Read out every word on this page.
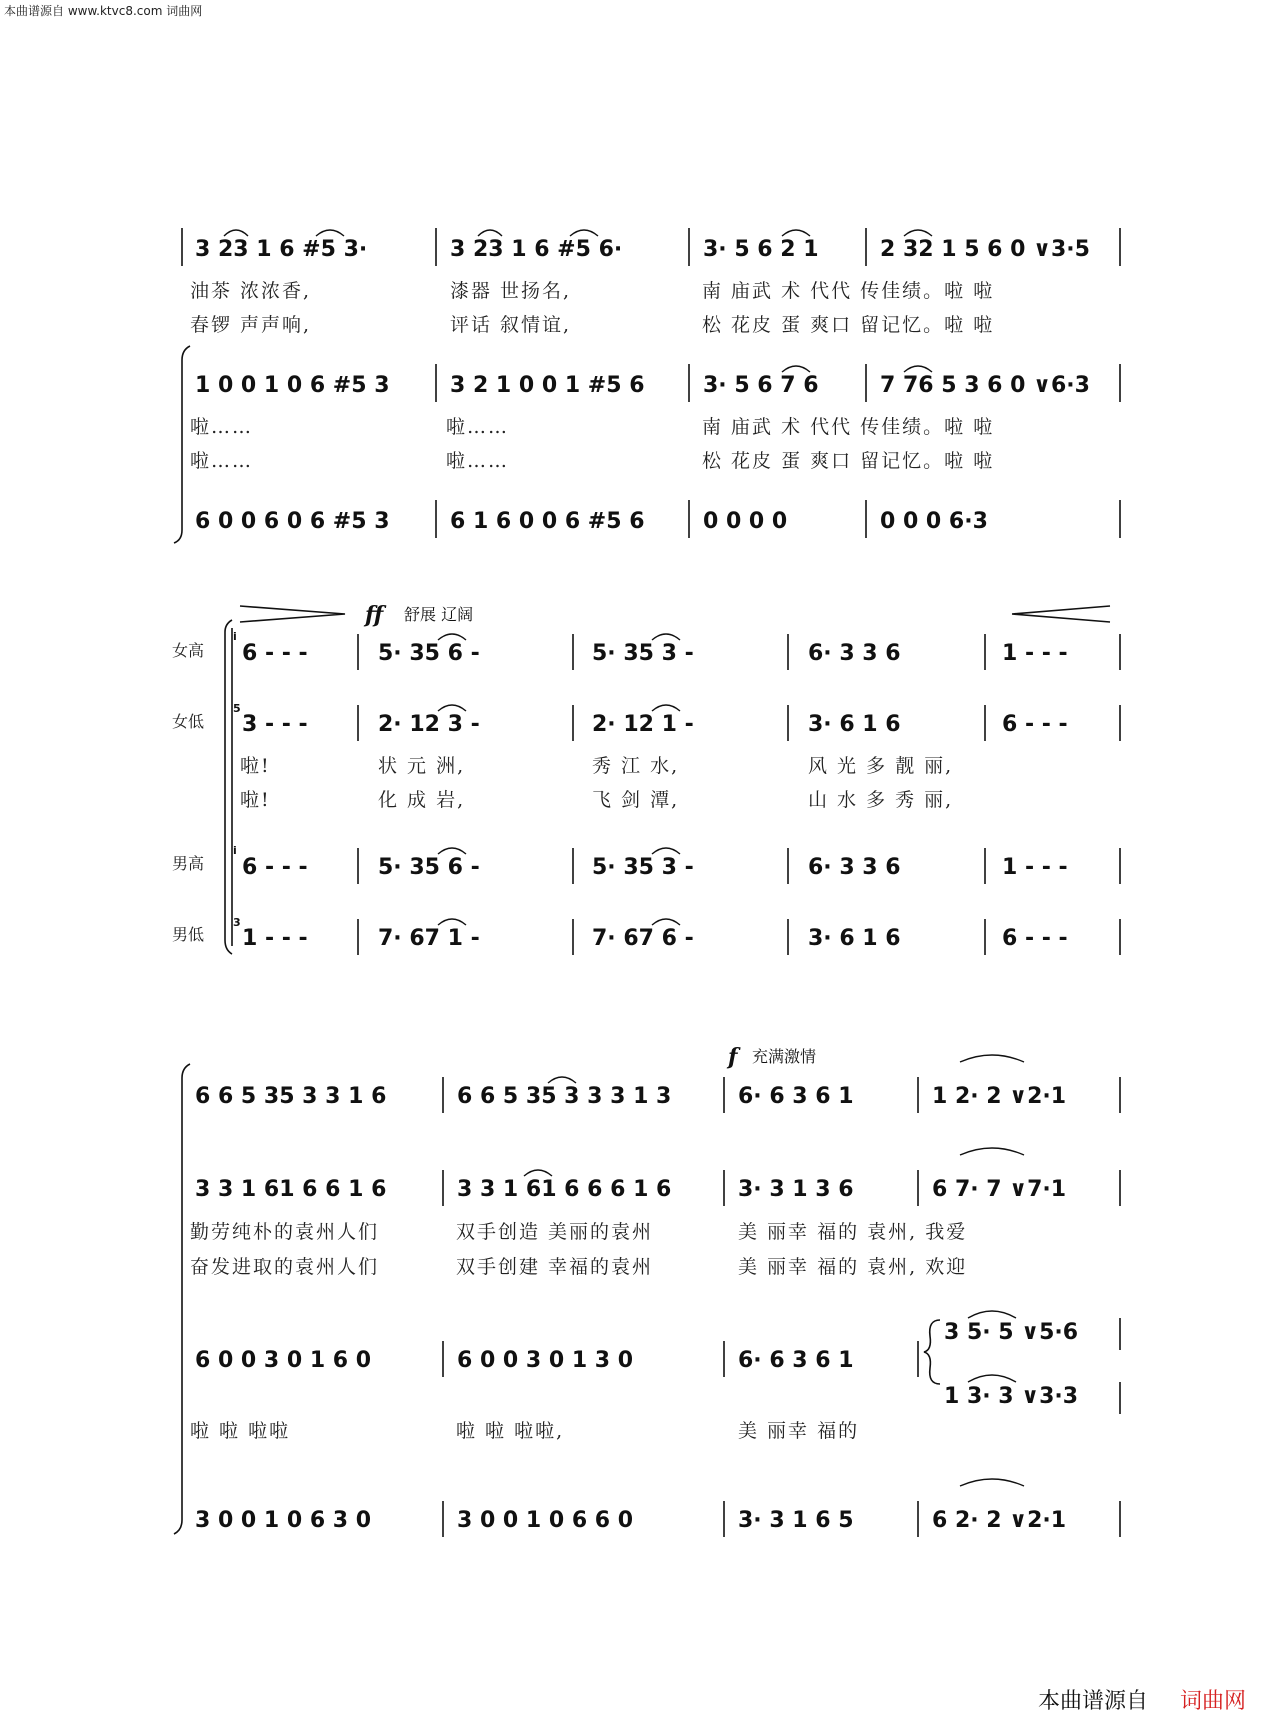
本曲谱源自 www.ktvc8.com 词曲网
3 23 1 6 #5 3·	3 23 1 6 #5 6·	3· 5 6 2 1	2 32 1 5 6 0 ∨3·5
油茶 浓浓香,	漆器 世扬名,	南 庙武 术 代代 传佳绩。啦 啦
春锣 声声响,	评话 叙情谊,	松 花皮 蛋 爽口 留记忆。啦 啦
1 0 0 1 0 6 #5 3	3 2 1 0 0 1 #5 6	3· 5 6 7 6	7 76 5 3 6 0 ∨6·3
啦……	啦……	南 庙武 术 代代 传佳绩。啦 啦
啦……	啦……	松 花皮 蛋 爽口 留记忆。啦 啦
6 0 0 6 0 6 #5 3	6 1 6 0 0 6 #5 6	0 0 0 0	0 0 0 6·3
ff 舒展 辽阔
女高
女低
男高
男低
i
5
i
3
6 - - -	5· 35 6 -	5· 35 3 -	6· 3 3 6	1 - - -
3 - - -	2· 12 3 -	2· 12 1 -	3· 6 1 6	6 - - -
啦!	状 元 洲,	秀 江 水,	风 光 多 靓 丽,
啦!	化 成 岩,	飞 剑 潭,	山 水 多 秀 丽,
6 - - -	5· 35 6 -	5· 35 3 -	6· 3 3 6	1 - - -
1 - - -	7· 67 1 -	7· 67 6 -	3· 6 1 6	6 - - -
f 充满激情
6 6 5 35 3 3 1 6	6 6 5 35 3 3 3 1 3	6· 6 3 6 1	1 2· 2 ∨2·1
3 3 1 61 6 6 1 6	3 3 1 61 6 6 6 1 6	3· 3 1 3 6	6 7· 7 ∨7·1
勤劳纯朴的袁州人们	双手创造 美丽的袁州	美 丽幸 福的 袁州, 我爱
奋发进取的袁州人们	双手创建 幸福的袁州	美 丽幸 福的 袁州, 欢迎
6 0 0 3 0 1 6 0	6 0 0 3 0 1 3 0	6· 6 3 6 1
3 5· 5 ∨5·6
1 3· 3 ∨3·3
啦 啦 啦啦	啦 啦 啦啦,	美 丽幸 福的
3 0 0 1 0 6 3 0	3 0 0 1 0 6 6 0	3· 3 1 6 5	6 2· 2 ∨2·1
本曲谱源自 词曲网
